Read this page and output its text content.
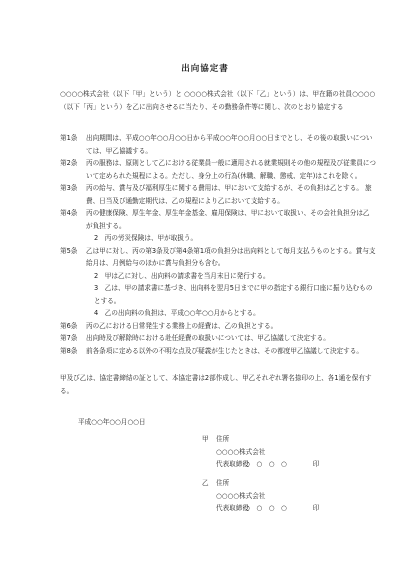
出向協定書
○○○○株式会社（以下「甲」という）と ○○○○株式会社（以下「乙」という）は、甲在籍の社員○○○○（以下「丙」という）を乙に出向させるに当たり、その勤務条件等に関し、次のとおり協定する
第1条	出向期間は、平成○○年○○月○○日から平成○○年○○月○○日までとし、その後の取扱いについては、甲乙協議する。
第2条	丙の服務は、原則として乙における従業員一般に適用される就業規則その他の規程及び従業員について定められた規程による。ただし、身分上の行為(休職、解職、懲戒、定年)はこれを除く。
第3条	丙の給与、賞与及び福利厚生に関する費用は、甲において支給するが、その負担は乙とする。 旅費、日当及び通勤定期代は、乙の規程により乙において支給する。
第4条	丙の健康保険、厚生年金、厚生年金基金、雇用保険は、甲において取扱い、その会社負担分は乙が負担する。
2　丙の労災保険は、甲が取扱う。
第5条	乙は甲に対し、丙の第3条及び第4条第1項の負担分は出向料として毎月支払うものとする。賞与支給月は、月例給与のほかに賞与負担分も含む。
2　甲は乙に対し、出向料の請求書を当月末日に発行する。
3　乙は、甲の請求書に基づき、出向料を翌月5日までに甲の指定する銀行口座に振り込むものとする。
4　乙の出向料の負担は、平成○○年○○月からとする。
第6条	丙の乙における日常発生する業務上の経費は、乙の負担とする。
第7条	出向時及び解除時における赴任経費の取扱いについては、甲乙協議して決定する。
第8条	前各条項に定める以外の不明な点及び疑義が生じたときは、その都度甲乙協議して決定する。
甲及び乙は、協定書締結の証として、本協定書は2部作成し、甲乙それぞれ署名捺印の上、各1通を保有する。
平成○○年○○月○○日
甲	住所
○○○○株式会社
代表取締役
○　○　○　○	印
乙	住所
○○○○株式会社
代表取締役
○　○　○　○	印
